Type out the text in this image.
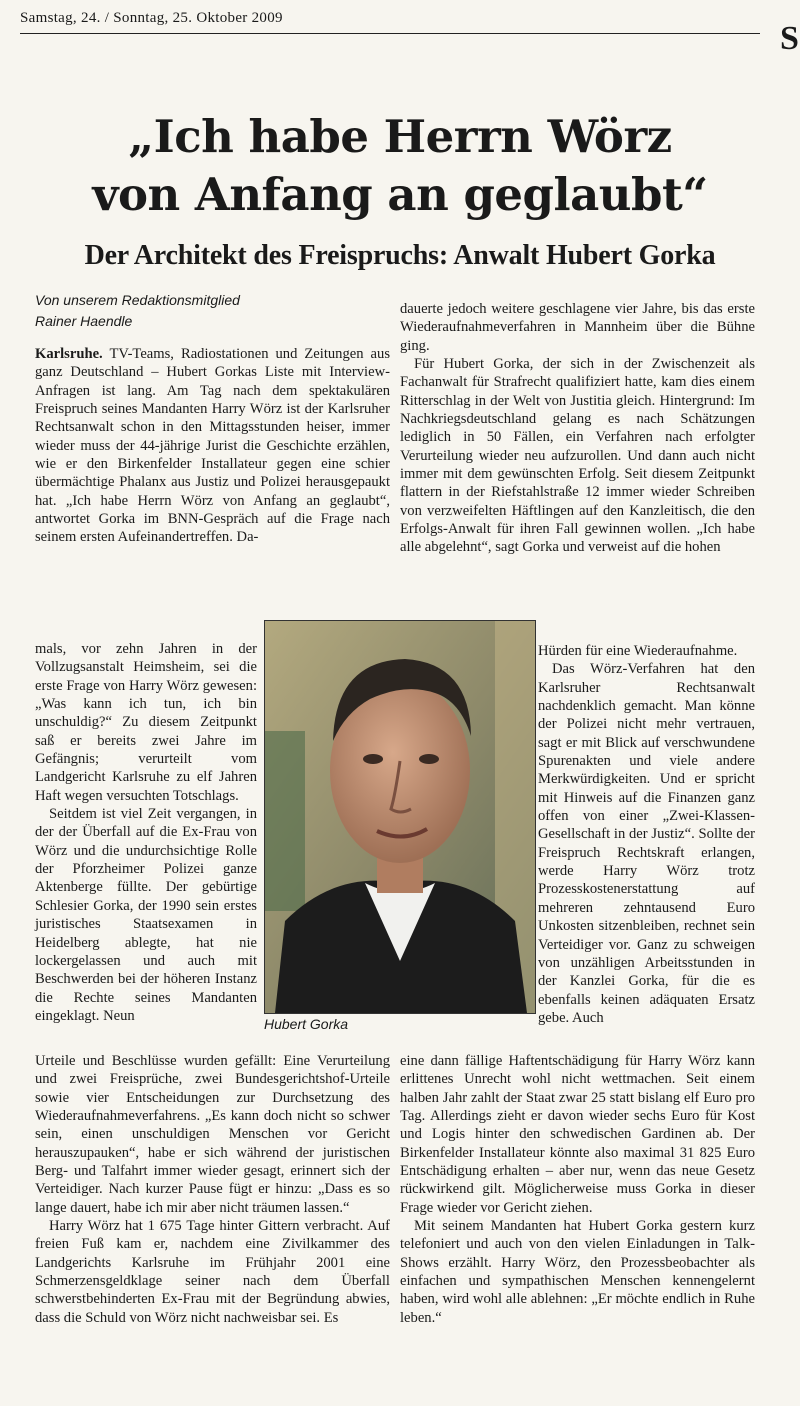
Samstag, 24. / Sonntag, 25. Oktober 2009
S
„Ich habe Herrn Wörz
von Anfang an geglaubt“
Der Architekt des Freispruchs: Anwalt Hubert Gorka
Von unserem Redaktionsmitglied
Rainer Haendle

Karlsruhe. TV-Teams, Radiostationen und Zeitungen aus ganz Deutschland – Hubert Gorkas Liste mit Interview-Anfragen ist lang. Am Tag nach dem spektakulären Freispruch seines Mandanten Harry Wörz ist der Karlsruher Rechtsanwalt schon in den Mittagsstunden heiser, immer wieder muss der 44-jährige Jurist die Geschichte erzählen, wie er den Birkenfelder Installateur gegen eine schier übermächtige Phalanx aus Justiz und Polizei herausgepaukt hat. „Ich habe Herrn Wörz von Anfang an geglaubt“, antwortet Gorka im BNN-Gespräch auf die Frage nach seinem ersten Aufeinandertreffen. Da-

mals, vor zehn Jahren in der Vollzugsanstalt Heimsheim, sei die erste Frage von Harry Wörz gewesen: „Was kann ich tun, ich bin unschuldig?“ Zu diesem Zeitpunkt saß er bereits zwei Jahre im Gefängnis; verurteilt vom Landgericht Karlsruhe zu elf Jahren Haft wegen versuchten Totschlags.

Seitdem ist viel Zeit vergangen, in der der Überfall auf die Ex-Frau von Wörz und die undurchsichtige Rolle der Pforzheimer Polizei ganze Aktenberge füllte. Der gebürtige Schlesier Gorka, der 1990 sein erstes juristisches Staatsexamen in Heidelberg ablegte, hat nie lockergelassen und auch mit Beschwerden bei der höheren Instanz die Rechte seines Mandanten eingeklagt. Neun

Urteile und Beschlüsse wurden gefällt: Eine Verurteilung und zwei Freisprüche, zwei Bundesgerichtshof-Urteile sowie vier Entscheidungen zur Durchsetzung des Wiederaufnahmeverfahrens. „Es kann doch nicht so schwer sein, einen unschuldigen Menschen vor Gericht herauszupauken“, habe er sich während der juristischen Berg- und Talfahrt immer wieder gesagt, erinnert sich der Verteidiger. Nach kurzer Pause fügt er hinzu: „Dass es so lange dauert, habe ich mir aber nicht träumen lassen.“

Harry Wörz hat 1 675 Tage hinter Gittern verbracht. Auf freien Fuß kam er, nachdem eine Zivilkammer des Landgerichts Karlsruhe im Frühjahr 2001 eine Schmerzensgeldklage seiner nach dem Überfall schwerstbehinderten Ex-Frau mit der Begründung abwies, dass die Schuld von Wörz nicht nachweisbar sei. Es

dauerte jedoch weitere geschlagene vier Jahre, bis das erste Wiederaufnahmeverfahren in Mannheim über die Bühne ging.

Für Hubert Gorka, der sich in der Zwischenzeit als Fachanwalt für Strafrecht qualifiziert hatte, kam dies einem Ritterschlag in der Welt von Justitia gleich. Hintergrund: Im Nachkriegsdeutschland gelang es nach Schätzungen lediglich in 50 Fällen, ein Verfahren nach erfolgter Verurteilung wieder neu aufzurollen. Und dann auch nicht immer mit dem gewünschten Erfolg. Seit diesem Zeitpunkt flattern in der Riefstahlstraße 12 immer wieder Schreiben von verzweifelten Häftlingen auf den Kanzleitisch, die den Erfolgs-Anwalt für ihren Fall gewinnen wollen. „Ich habe alle abgelehnt“, sagt Gorka und verweist auf die hohen

Hürden für eine Wiederaufnahme.

Das Wörz-Verfahren hat den Karlsruher Rechtsanwalt nachdenklich gemacht. Man könne der Polizei nicht mehr vertrauen, sagt er mit Blick auf verschwundene Spurenakten und viele andere Merkwürdigkeiten. Und er spricht mit Hinweis auf die Finanzen ganz offen von einer „Zwei-Klassen-Gesellschaft in der Justiz“. Sollte der Freispruch Rechtskraft erlangen, werde Harry Wörz trotz Prozesskostenerstattung auf mehreren zehntausend Euro Unkosten sitzenbleiben, rechnet sein Verteidiger vor. Ganz zu schweigen von unzähligen Arbeitsstunden in der Kanzlei Gorka, für die es ebenfalls keinen adäquaten Ersatz gebe. Auch

eine dann fällige Haftentschädigung für Harry Wörz kann erlittenes Unrecht wohl nicht wettmachen. Seit einem halben Jahr zahlt der Staat zwar 25 statt bislang elf Euro pro Tag. Allerdings zieht er davon wieder sechs Euro für Kost und Logis hinter den schwedischen Gardinen ab. Der Birkenfelder Installateur könnte also maximal 31 825 Euro Entschädigung erhalten – aber nur, wenn das neue Gesetz rückwirkend gilt. Möglicherweise muss Gorka in dieser Frage wieder vor Gericht ziehen.

Mit seinem Mandanten hat Hubert Gorka gestern kurz telefoniert und auch von den vielen Einladungen in Talk-Shows erzählt. Harry Wörz, den Prozessbeobachter als einfachen und sympathischen Menschen kennengelernt haben, wird wohl alle ablehnen: „Er möchte endlich in Ruhe leben.“

Hubert Gorka
